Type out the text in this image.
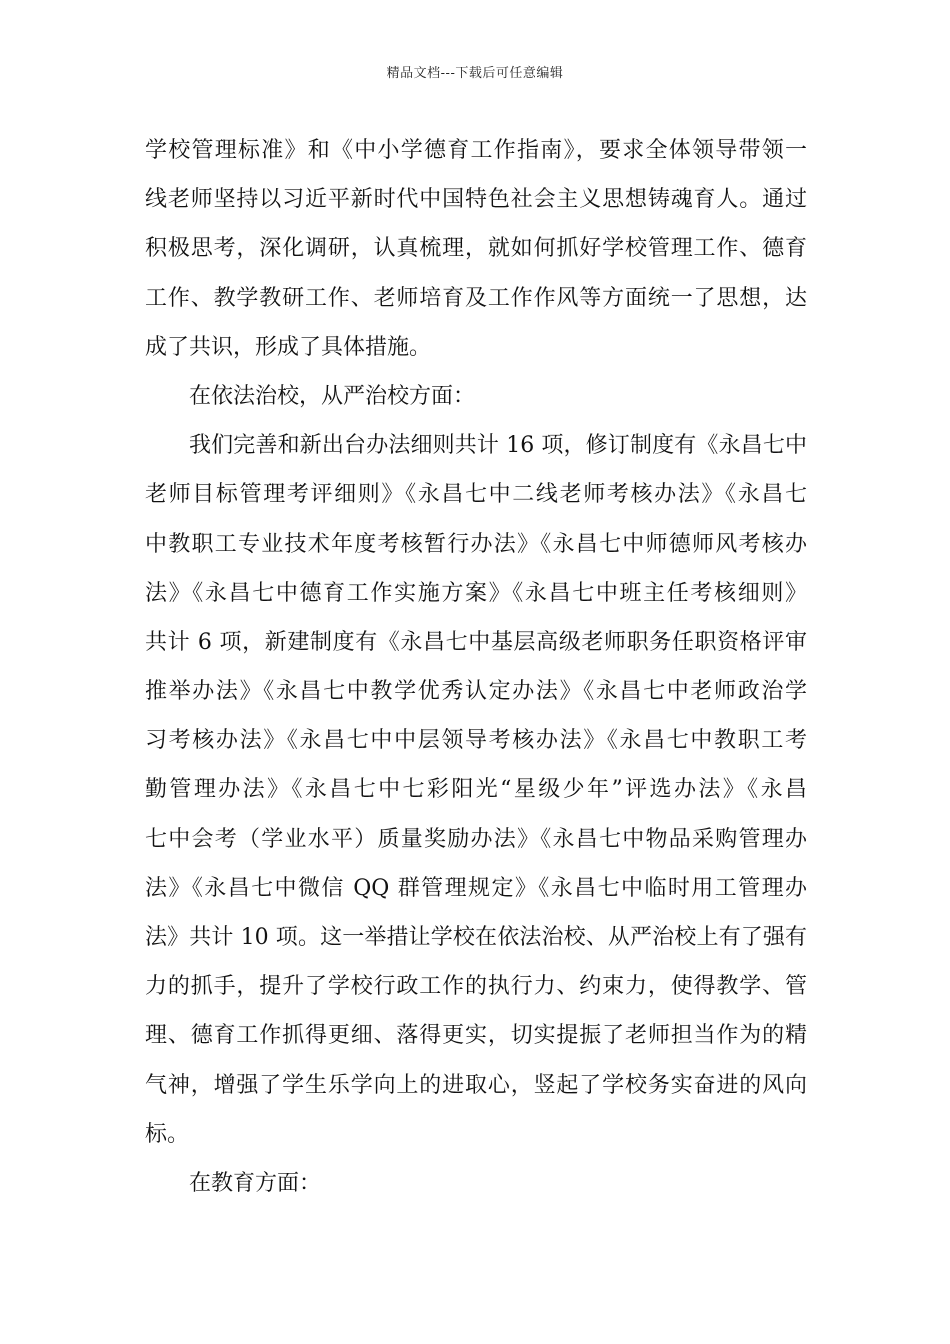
精品文档---下载后可任意编辑
学校管理标准》和《中小学德育工作指南》，要求全体领导带领一
线老师坚持以习近平新时代中国特色社会主义思想铸魂育人。通过
积极思考，深化调研，认真梳理，就如何抓好学校管理工作、德育
工作、教学教研工作、老师培育及工作作风等方面统一了思想，达
成了共识，形成了具体措施。
在依法治校，从严治校方面：
我们完善和新出台办法细则共计 16 项，修订制度有《永昌七中
老师目标管理考评细则》《永昌七中二线老师考核办法》《永昌七
中教职工专业技术年度考核暂行办法》《永昌七中师德师风考核办
法》《永昌七中德育工作实施方案》《永昌七中班主任考核细则》
共计 6 项，新建制度有《永昌七中基层高级老师职务任职资格评审
推举办法》《永昌七中教学优秀认定办法》《永昌七中老师政治学
习考核办法》《永昌七中中层领导考核办法》《永昌七中教职工考
勤管理办法》《永昌七中七彩阳光“星级少年”评选办法》《永昌
七中会考（学业水平）质量奖励办法》《永昌七中物品采购管理办
法》《永昌七中微信 QQ 群管理规定》《永昌七中临时用工管理办
法》共计 10 项。这一举措让学校在依法治校、从严治校上有了强有
力的抓手，提升了学校行政工作的执行力、约束力，使得教学、管
理、德育工作抓得更细、落得更实，切实提振了老师担当作为的精
气神，增强了学生乐学向上的进取心，竖起了学校务实奋进的风向
标。
在教育方面：
